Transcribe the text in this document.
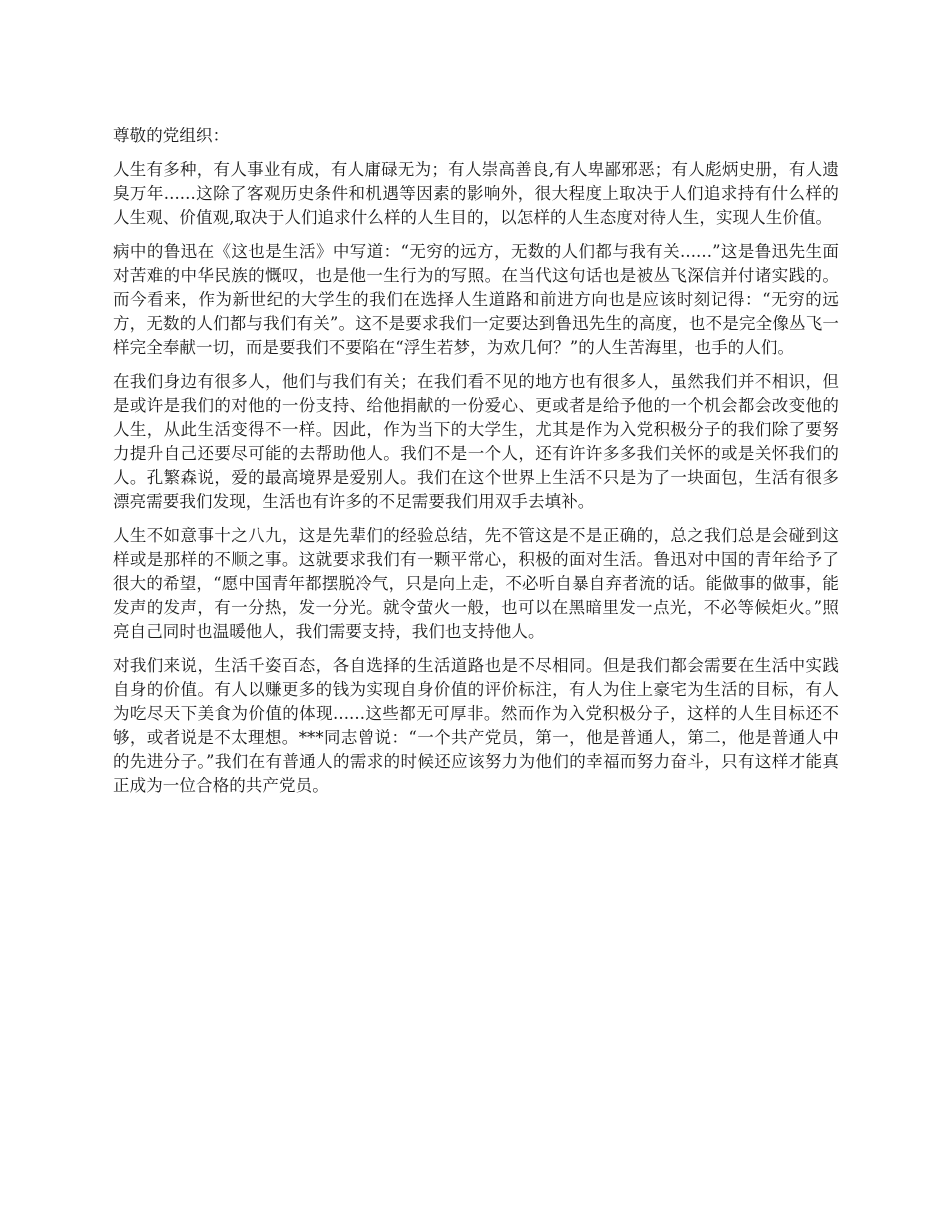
尊敬的党组织：

人生有多种，有人事业有成，有人庸碌无为；有人崇高善良,有人卑鄙邪恶；有人彪炳史册，有人遗臭万年......这除了客观历史条件和机遇等因素的影响外，很大程度上取决于人们追求持有什么样的人生观、价值观,取决于人们追求什么样的人生目的，以怎样的人生态度对待人生，实现人生价值。

病中的鲁迅在《这也是生活》中写道：“无穷的远方，无数的人们都与我有关......”这是鲁迅先生面对苦难的中华民族的慨叹，也是他一生行为的写照。在当代这句话也是被丛飞深信并付诸实践的。而今看来，作为新世纪的大学生的我们在选择人生道路和前进方向也是应该时刻记得：“无穷的远方，无数的人们都与我们有关”。这不是要求我们一定要达到鲁迅先生的高度，也不是完全像丛飞一样完全奉献一切，而是要我们不要陷在“浮生若梦，为欢几何？”的人生苦海里，也手的人们。

在我们身边有很多人，他们与我们有关；在我们看不见的地方也有很多人，虽然我们并不相识，但是或许是我们的对他的一份支持、给他捐献的一份爱心、更或者是给予他的一个机会都会改变他的人生，从此生活变得不一样。因此，作为当下的大学生，尤其是作为入党积极分子的我们除了要努力提升自己还要尽可能的去帮助他人。我们不是一个人，还有许许多多我们关怀的或是关怀我们的人。孔繁森说，爱的最高境界是爱别人。我们在这个世界上生活不只是为了一块面包，生活有很多漂亮需要我们发现，生活也有许多的不足需要我们用双手去填补。

人生不如意事十之八九，这是先辈们的经验总结，先不管这是不是正确的，总之我们总是会碰到这样或是那样的不顺之事。这就要求我们有一颗平常心，积极的面对生活。鲁迅对中国的青年给予了很大的希望，“愿中国青年都摆脱冷气，只是向上走，不必听自暴自弃者流的话。能做事的做事，能发声的发声，有一分热，发一分光。就令萤火一般，也可以在黑暗里发一点光，不必等候炬火。”照亮自己同时也温暖他人，我们需要支持，我们也支持他人。

对我们来说，生活千姿百态，各自选择的生活道路也是不尽相同。但是我们都会需要在生活中实践自身的价值。有人以赚更多的钱为实现自身价值的评价标注，有人为住上豪宅为生活的目标，有人为吃尽天下美食为价值的体现......这些都无可厚非。然而作为入党积极分子，这样的人生目标还不够，或者说是不太理想。***同志曾说：“一个共产党员，第一，他是普通人，第二，他是普通人中的先进分子。”我们在有普通人的需求的时候还应该努力为他们的幸福而努力奋斗，只有这样才能真正成为一位合格的共产党员。
